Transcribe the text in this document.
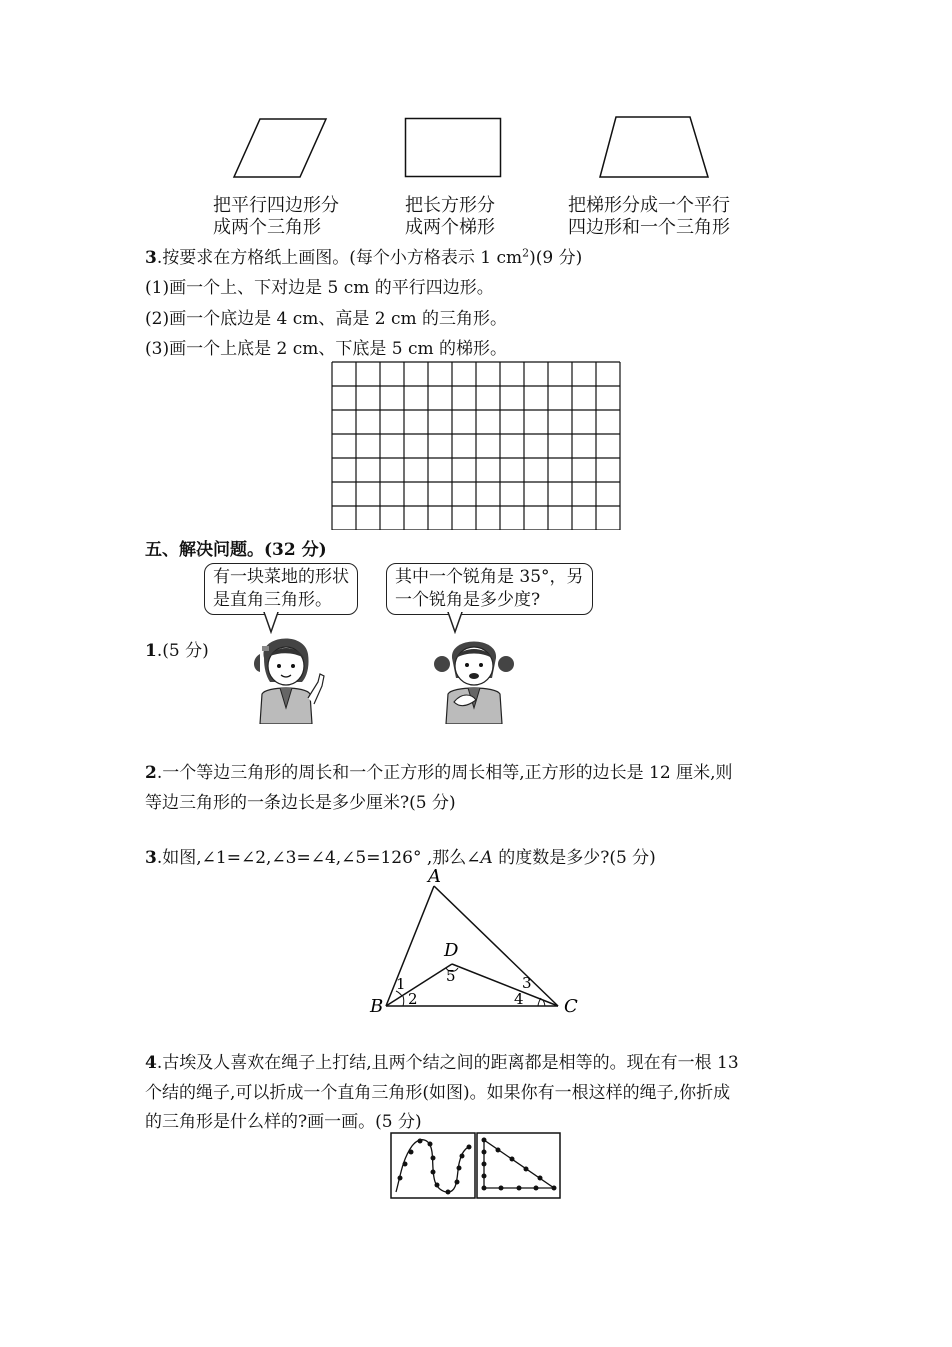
把平行四边形分
成两个三角形
把长方形分
成两个梯形
把梯形分成一个平行
四边形和一个三角形
3.按要求在方格纸上画图。(每个小方格表示 1 $cm^2)(9$ 分)
(1)画一个上、下对边是 5 cm 的平行四边形。
(2)画一个底边是 4 cm、高是 2 cm 的三角形。
(3)画一个上底是 2 cm、下底是 5 cm 的梯形。
五、解决问题。(32 分)
有一块菜地的形状
是直角三角形。
其中一个锐角是 35°，另
一个锐角是多少度?
1.(5 分)
2.一个等边三角形的周长和一个正方形的周长相等,正方形的边长是 12 厘米,则
等边三角形的一条边长是多少厘米?(5 分)
3.如图,∠1=∠2,∠3=∠4,∠5=126° ,那么∠A 的度数是多少?(5 分)
A
B	C
D
1
2
3
4
5
4.古埃及人喜欢在绳子上打结,且两个结之间的距离都是相等的。现在有一根 13
个结的绳子,可以折成一个直角三角形(如图)。如果你有一根这样的绳子,你折成
的三角形是什么样的?画一画。(5 分)
